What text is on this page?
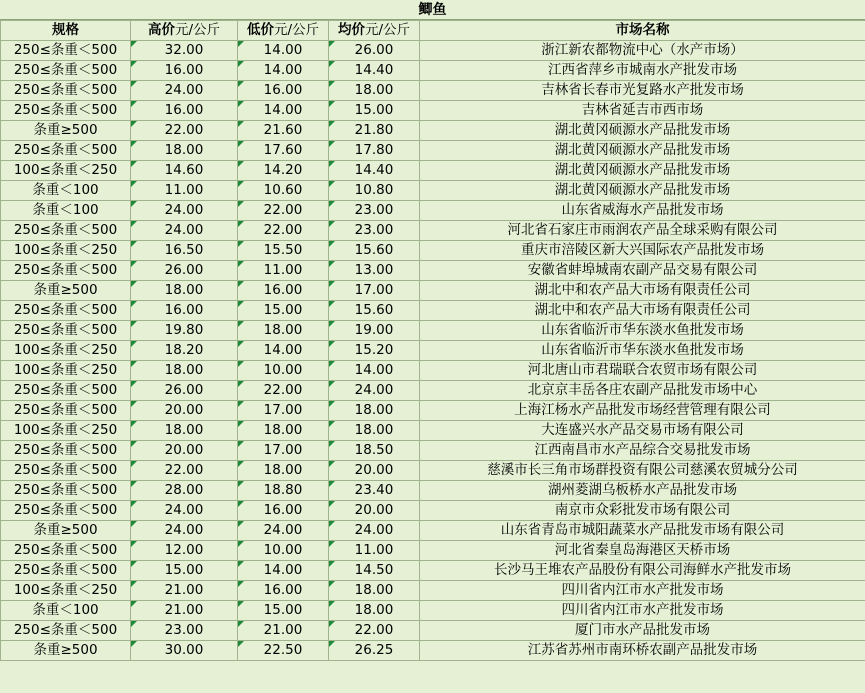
鲫鱼
规格	高价元/公斤	低价元/公斤	均价元/公斤	市场名称
250≤条重＜500	32.00	14.00	26.00	浙江新农都物流中心（水产市场）
250≤条重＜500	16.00	14.00	14.40	江西省萍乡市城南水产批发市场
250≤条重＜500	24.00	16.00	18.00	吉林省长春市光复路水产批发市场
250≤条重＜500	16.00	14.00	15.00	吉林省延吉市西市场
条重≥500	22.00	21.60	21.80	湖北黄冈硕源水产品批发市场
250≤条重＜500	18.00	17.60	17.80	湖北黄冈硕源水产品批发市场
100≤条重＜250	14.60	14.20	14.40	湖北黄冈硕源水产品批发市场
条重＜100	11.00	10.60	10.80	湖北黄冈硕源水产品批发市场
条重＜100	24.00	22.00	23.00	山东省威海水产品批发市场
250≤条重＜500	24.00	22.00	23.00	河北省石家庄市雨润农产品全球采购有限公司
100≤条重＜250	16.50	15.50	15.60	重庆市涪陵区新大兴国际农产品批发市场
250≤条重＜500	26.00	11.00	13.00	安徽省蚌埠城南农副产品交易有限公司
条重≥500	18.00	16.00	17.00	湖北中和农产品大市场有限责任公司
250≤条重＜500	16.00	15.00	15.60	湖北中和农产品大市场有限责任公司
250≤条重＜500	19.80	18.00	19.00	山东省临沂市华东淡水鱼批发市场
100≤条重＜250	18.20	14.00	15.20	山东省临沂市华东淡水鱼批发市场
100≤条重＜250	18.00	10.00	14.00	河北唐山市君瑞联合农贸市场有限公司
250≤条重＜500	26.00	22.00	24.00	北京京丰岳各庄农副产品批发市场中心
250≤条重＜500	20.00	17.00	18.00	上海江杨水产品批发市场经营管理有限公司
100≤条重＜250	18.00	18.00	18.00	大连盛兴水产品交易市场有限公司
250≤条重＜500	20.00	17.00	18.50	江西南昌市水产品综合交易批发市场
250≤条重＜500	22.00	18.00	20.00	慈溪市长三角市场群投资有限公司慈溪农贸城分公司
250≤条重＜500	28.00	18.80	23.40	湖州菱湖乌板桥水产品批发市场
250≤条重＜500	24.00	16.00	20.00	南京市众彩批发市场有限公司
条重≥500	24.00	24.00	24.00	山东省青岛市城阳蔬菜水产品批发市场有限公司
250≤条重＜500	12.00	10.00	11.00	河北省秦皇岛海港区天桥市场
250≤条重＜500	15.00	14.00	14.50	长沙马王堆农产品股份有限公司海鲜水产批发市场
100≤条重＜250	21.00	16.00	18.00	四川省内江市水产批发市场
条重＜100	21.00	15.00	18.00	四川省内江市水产批发市场
250≤条重＜500	23.00	21.00	22.00	厦门市水产品批发市场
条重≥500	30.00	22.50	26.25	江苏省苏州市南环桥农副产品批发市场
